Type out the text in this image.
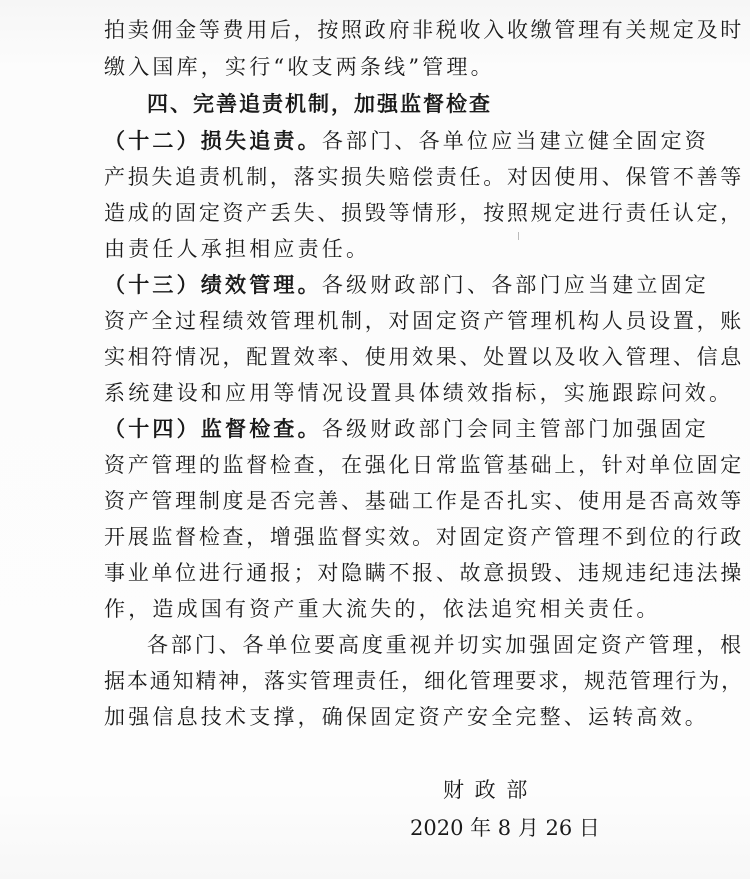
拍卖佣金等费用后，按照政府非税收入收缴管理有关规定及时
缴入国库，实行“收支两条线”管理。
四、完善追责机制，加强监督检查
（十二）损失追责。各部门、各单位应当建立健全固定资
产损失追责机制，落实损失赔偿责任。对因使用、保管不善等
造成的固定资产丢失、损毁等情形，按照规定进行责任认定，
由责任人承担相应责任。
（十三）绩效管理。各级财政部门、各部门应当建立固定
资产全过程绩效管理机制，对固定资产管理机构人员设置，账
实相符情况，配置效率、使用效果、处置以及收入管理、信息
系统建设和应用等情况设置具体绩效指标，实施跟踪问效。
（十四）监督检查。各级财政部门会同主管部门加强固定
资产管理的监督检查，在强化日常监管基础上，针对单位固定
资产管理制度是否完善、基础工作是否扎实、使用是否高效等
开展监督检查，增强监督实效。对固定资产管理不到位的行政
事业单位进行通报；对隐瞒不报、故意损毁、违规违纪违法操
作，造成国有资产重大流失的，依法追究相关责任。
各部门、各单位要高度重视并切实加强固定资产管理，根
据本通知精神，落实管理责任，细化管理要求，规范管理行为，
加强信息技术支撑，确保固定资产安全完整、运转高效。
财 政 部
2020 年 8 月 26 日
